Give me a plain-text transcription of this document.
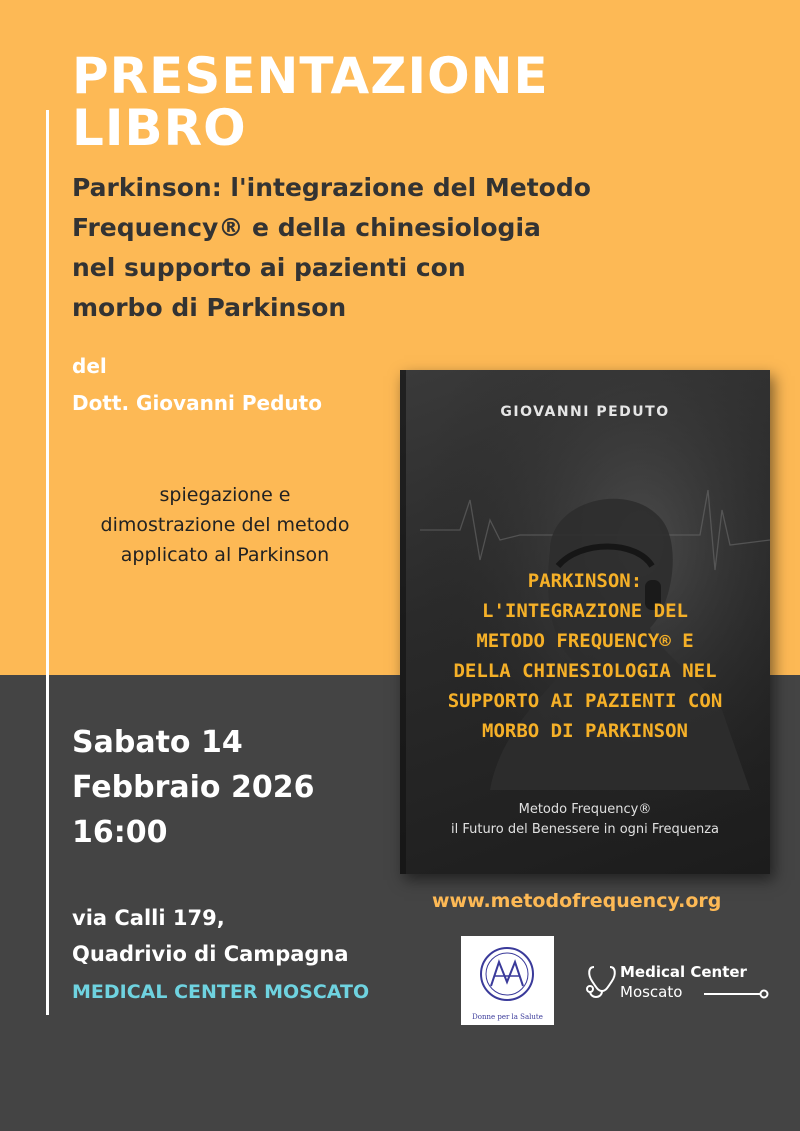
PRESENTAZIONE
LIBRO
Parkinson: l'integrazione del Metodo
Frequency® e della chinesiologia
nel supporto ai pazienti con
morbo di Parkinson
del
Dott. Giovanni Peduto
spiegazione e
dimostrazione del metodo
applicato al Parkinson
Sabato 14
Febbraio 2026
16:00
via Calli 179,
Quadrivio di Campagna
MEDICAL CENTER MOSCATO
GIOVANNI PEDUTO
PARKINSON:
L'INTEGRAZIONE DEL
METODO FREQUENCY® E
DELLA CHINESIOLOGIA NEL
SUPPORTO AI PAZIENTI CON
MORBO DI PARKINSON
Metodo Frequency®
il Futuro del Benessere in ogni Frequenza
www.metodofrequency.org
Donne per la Salute
Medical Center
Moscato
